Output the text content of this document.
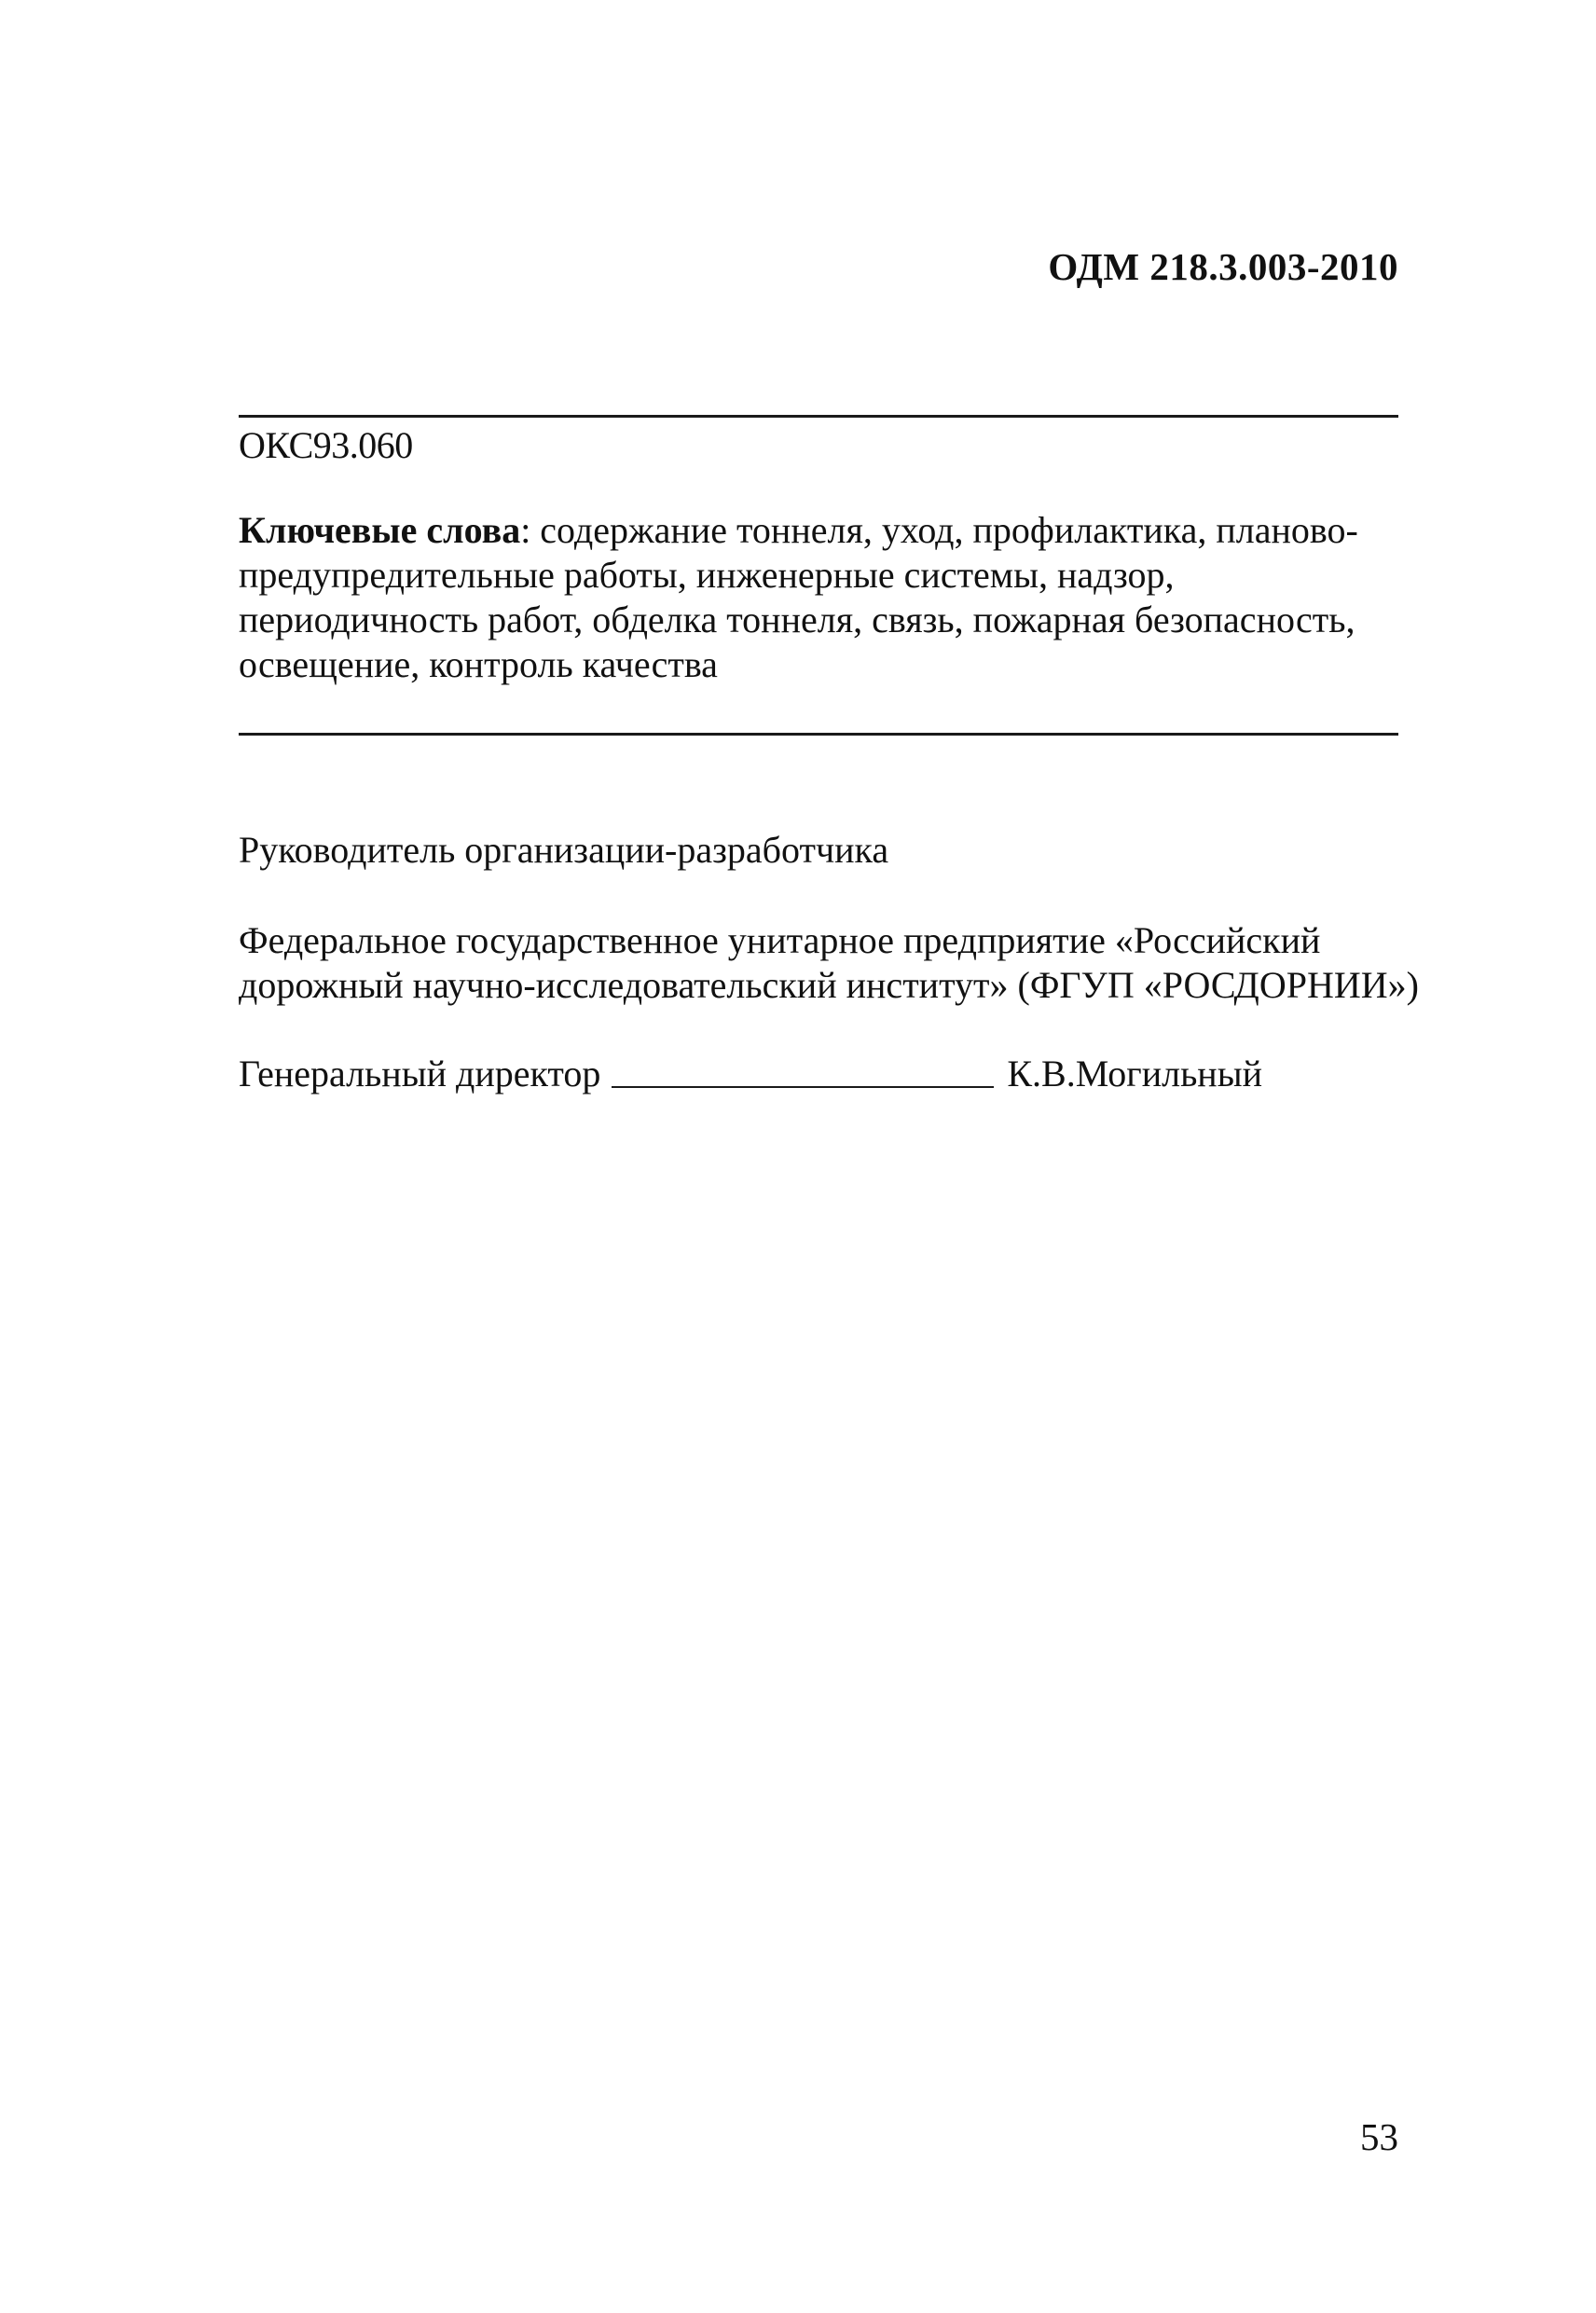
ОДМ 218.3.003-2010
ОКС93.060
Ключевые слова: содержание тоннеля, уход, профилактика, планово-
предупредительные работы, инженерные системы, надзор,
периодичность работ, обделка тоннеля, связь, пожарная безопасность,
освещение, контроль качества
Руководитель организации-разработчика
Федеральное государственное унитарное предприятие «Российский
дорожный научно-исследовательский институт» (ФГУП «РОСДОРНИИ»)
Генеральный директор	К.В.Могильный
53
